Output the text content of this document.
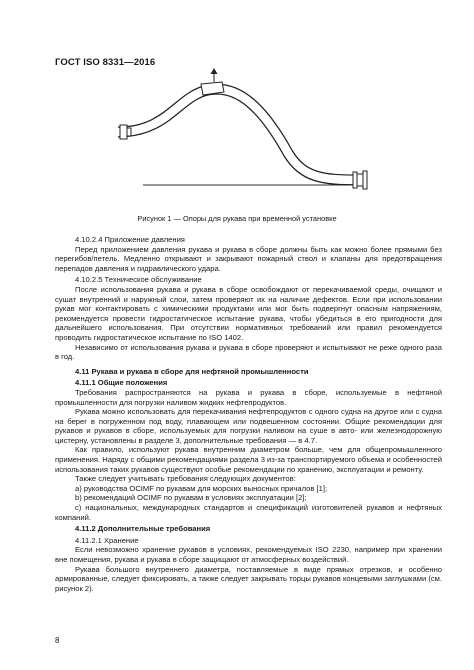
ГОСТ ISO 8331—2016
Рисунок 1 — Опоры для рукава при временной установке

4.10.2.4 Приложение давления

Перед приложением давления рукава и рукава в сборе должны быть как можно более прямыми без перегибов/петель. Медленно открывают и закрывают пожарный ствол и клапаны для предотвращения перепадов давления и гидравлического удара.

4.10.2.5 Техническое обслуживание

После использования рукава и рукава в сборе освобождают от перекачиваемой среды, очищают и сушат внутренний и наружный слои, затем проверяют их на наличие дефектов. Если при использовании рукав мог контактировать с химическими продуктами или мог быть подвергнут опасным напряжениям, рекомендуется провести гидростатическое испытание рукава, чтобы убедиться в его пригодности для дальнейшего использования. При отсутствии нормативных требований или правил рекомендуется проводить гидростатическое испытание по ISO 1402.

Независимо от использования рукава и рукава в сборе проверяют и испытывают не реже одного раза в год.

4.11 Рукава и рукава в сборе для нефтяной промышленности

4.11.1 Общие положения

Требования распространяются на рукава и рукава в сборе, используемые в нефтяной промышленности для погрузки наливом жидких нефтепродуктов.

Рукава можно использовать для перекачивания нефтепродуктов с одного судна на другое или с судна на берег в погруженном под воду, плавающем или подвешенном состоянии. Общие рекомендации для рукавов и рукавов в сборе, используемых для погрузки наливом на суше в авто- или железнодорожную цистерну, установлены в разделе 3, дополнительные требования — в 4.7.

Как правило, используют рукава внутренним диаметром больше, чем для общепромышленного применения. Наряду с общими рекомендациями раздела 3 из-за транспортируемого объема и особенностей использования таких рукавов существуют особые рекомендации по хранению, эксплуатации и ремонту.

Также следует учитывать требования следующих документов:

a) руководства OCIMF по рукавам для морских выносных причалов [1];

b) рекомендаций OCIMF по рукавам в условиях эксплуатации [2];

c) национальных, международных стандартов и спецификаций изготовителей рукавов и нефтяных компаний.

4.11.2 Дополнительные требования

4.11.2.1 Хранение

Если невозможно хранение рукавов в условиях, рекомендуемых ISO 2230, например при хранении вне помещения, рукава и рукава в сборе защищают от атмосферных воздействий.

Рукава большого внутреннего диаметра, поставляемые в виде прямых отрезков, и особенно армированные, следует фиксировать, а также следует закрывать торцы рукавов концевыми заглушками (см. рисунок 2).

8
